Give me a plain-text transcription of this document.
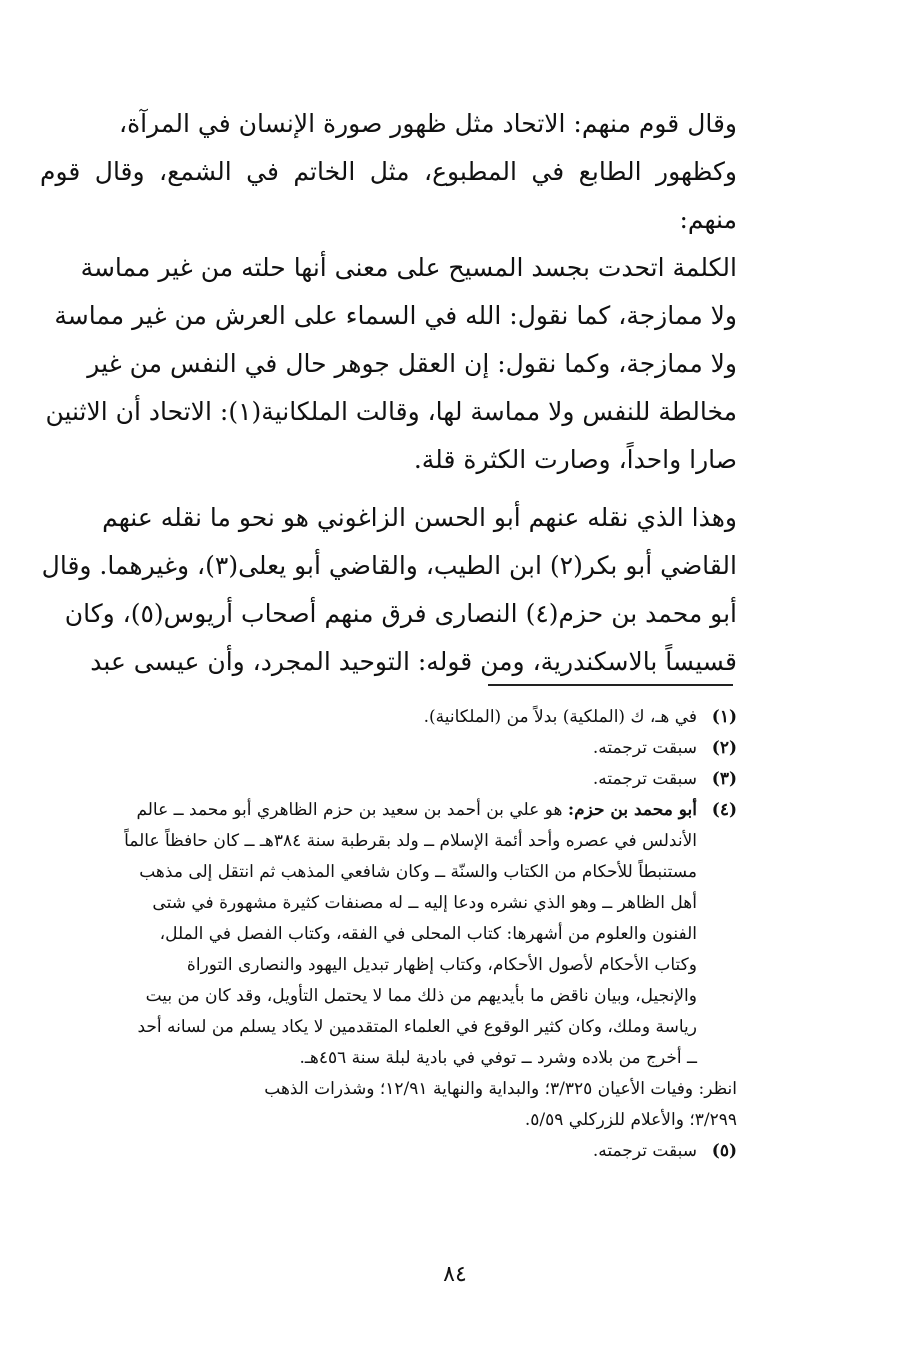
وقال قوم منهم: الاتحاد مثل ظهور صورة الإنسان في المرآة،
وكظهور الطابع في المطبوع، مثل الخاتم في الشمع، وقال قوم منهم:
الكلمة اتحدت بجسد المسيح على معنى أنها حلته من غير مماسة
ولا ممازجة، كما نقول: الله في السماء على العرش من غير مماسة
ولا ممازجة، وكما نقول: إن العقل جوهر حال في النفس من غير
مخالطة للنفس ولا مماسة لها، وقالت الملكانية(١): الاتحاد أن الاثنين
صارا واحداً، وصارت الكثرة قلة.
وهذا الذي نقله عنهم أبو الحسن الزاغوني هو نحو ما نقله عنهم
القاضي أبو بكر(٢) ابن الطيب، والقاضي أبو يعلى(٣)، وغيرهما. وقال
أبو محمد بن حزم(٤) النصارى فرق منهم أصحاب أريوس(٥)، وكان
قسيساً بالاسكندرية، ومن قوله: التوحيد المجرد، وأن عيسى عبد
(١)

في هـ، ك (الملكية) بدلاً من (الملكانية).

(٢)

سبقت ترجمته.

(٣)

سبقت ترجمته.

(٤)

أبو محمد بن حزم: هو علي بن أحمد بن سعيد بن حزم الظاهري أبو محمد ــ عالم

الأندلس في عصره وأحد أئمة الإسلام ــ ولد بقرطبة سنة ٣٨٤هـ ــ كان حافظاً عالماً

مستنبطاً للأحكام من الكتاب والسنّة ــ وكان شافعي المذهب ثم انتقل إلى مذهب

أهل الظاهر ــ وهو الذي نشره ودعا إليه ــ له مصنفات كثيرة مشهورة في شتى

الفنون والعلوم من أشهرها: كتاب المحلى في الفقه، وكتاب الفصل في الملل،

وكتاب الأحكام لأصول الأحكام، وكتاب إظهار تبديل اليهود والنصارى التوراة

والإنجيل، وبيان ناقض ما بأيديهم من ذلك مما لا يحتمل التأويل، وقد كان من بيت

رياسة وملك، وكان كثير الوقوع في العلماء المتقدمين لا يكاد يسلم من لسانه أحد

ــ أخرج من بلاده وشرد ــ توفي في بادية لبلة سنة ٤٥٦هـ.

انظر: وفيات الأعيان ٣/٣٢٥؛ والبداية والنهاية ١٢/٩١؛ وشذرات الذهب

٣/٢٩٩؛ والأعلام للزركلي ٥/٥٩.

(٥)

سبقت ترجمته.

٨٤
